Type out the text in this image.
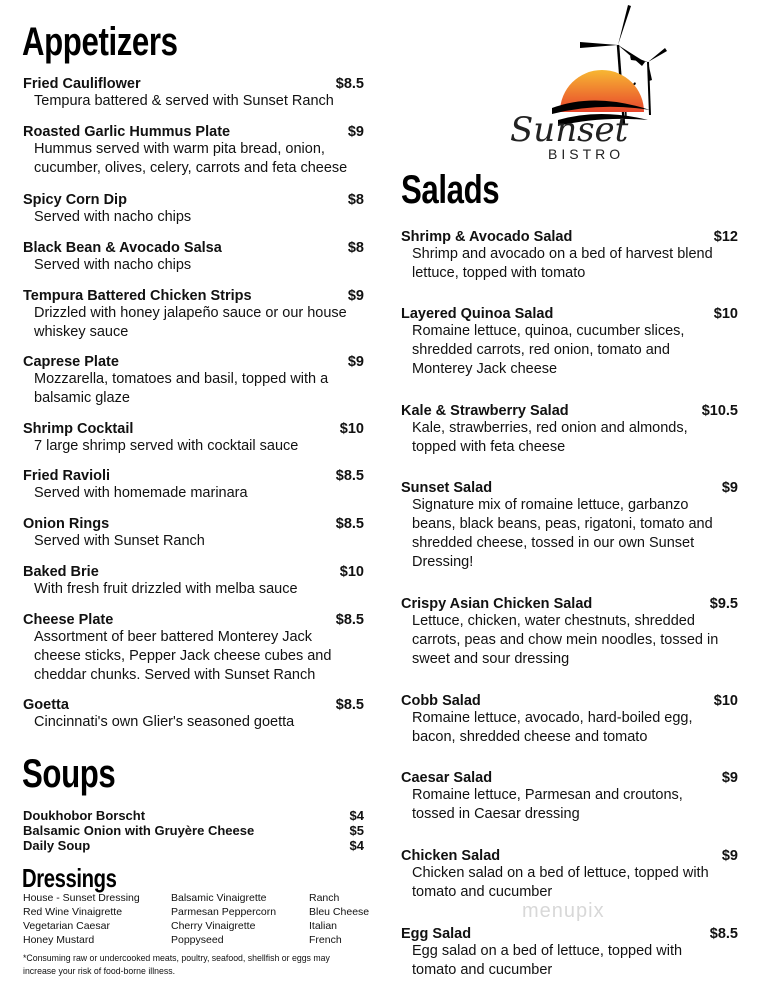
Appetizers
Salads
Soups
Dressings
Sunset
BISTRO
Fried Cauliflower	$8.5
Tempura battered & served with Sunset Ranch
Roasted Garlic Hummus Plate	$9
Hummus served with warm pita bread, onion,
cucumber, olives, celery, carrots and feta cheese
Spicy Corn Dip	$8
Served with nacho chips
Black Bean & Avocado Salsa	$8
Served with nacho chips
Tempura Battered Chicken Strips	$9
Drizzled with honey jalapeño sauce or our house
whiskey sauce
Caprese Plate	$9
Mozzarella, tomatoes and basil, topped with a
balsamic glaze
Shrimp Cocktail	$10
7 large shrimp served with cocktail sauce
Fried Ravioli	$8.5
Served with homemade marinara
Onion Rings	$8.5
Served with Sunset Ranch
Baked Brie	$10
With fresh fruit drizzled with melba sauce
Cheese Plate	$8.5
Assortment of beer battered Monterey Jack
cheese sticks, Pepper Jack cheese cubes and
cheddar chunks. Served with Sunset Ranch
Goetta	$8.5
Cincinnati's own Glier's seasoned goetta
Shrimp & Avocado Salad	$12
Shrimp and avocado on a bed of harvest blend
lettuce, topped with tomato
Layered Quinoa Salad	$10
Romaine lettuce, quinoa, cucumber slices,
shredded carrots, red onion, tomato and
Monterey Jack cheese
Kale & Strawberry Salad	$10.5
Kale, strawberries, red onion and almonds,
topped with feta cheese
Sunset Salad	$9
Signature mix of romaine lettuce, garbanzo
beans, black beans, peas, rigatoni, tomato and
shredded cheese, tossed in our own Sunset
Dressing!
Crispy Asian Chicken Salad	$9.5
Lettuce, chicken, water chestnuts, shredded
carrots, peas and chow mein noodles, tossed in
sweet and sour dressing
Cobb Salad	$10
Romaine lettuce, avocado, hard-boiled egg,
bacon, shredded cheese and tomato
Caesar Salad	$9
Romaine lettuce, Parmesan and croutons,
tossed in Caesar dressing
Chicken Salad	$9
Chicken salad on a bed of lettuce, topped with
tomato and cucumber
Egg Salad	$8.5
Egg salad on a bed of lettuce, topped with
tomato and cucumber
Doukhobor Borscht	$4
Balsamic Onion with Gruyère Cheese	$5
Daily Soup	$4
House - Sunset Dressing
Red Wine Vinaigrette
Vegetarian Caesar
Honey Mustard
Balsamic Vinaigrette
Parmesan Peppercorn
Cherry Vinaigrette
Poppyseed
Ranch
Bleu Cheese
Italian
French
*Consuming raw or undercooked meats, poultry, seafood, shellfish or eggs may
increase your risk of food-borne illness.
menupix
